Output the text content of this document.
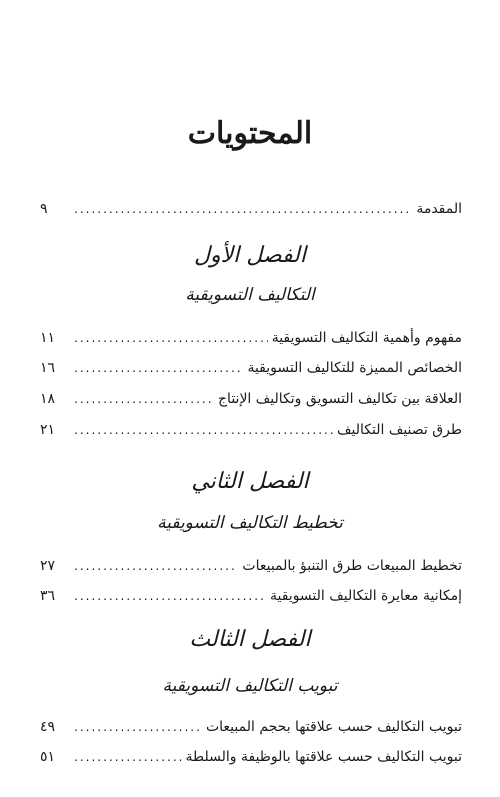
المحتويات
المقدمة
.....
٩
الفصل الأول
التكاليف التسويقية
مفهوم وأهمية التكاليف التسويقية
.....
١١
الخصائص المميزة للتكاليف التسويقية
.....
١٦
العلاقة بين تكاليف التسويق وتكاليف الإنتاج
.....
١٨
طرق تصنيف التكاليف
.....
٢١
الفصل الثاني
تخطيط التكاليف التسويقية
تخطيط المبيعات طرق التنبؤ بالمبيعات
.....
٢٧
إمكانية معايرة التكاليف التسويقية
.....
٣٦
الفصل الثالث
تبويب التكاليف التسويقية
تبويب التكاليف حسب علاقتها بحجم المبيعات
.....
٤٩
تبويب التكاليف حسب علاقتها بالوظيفة والسلطة
.....
٥١
